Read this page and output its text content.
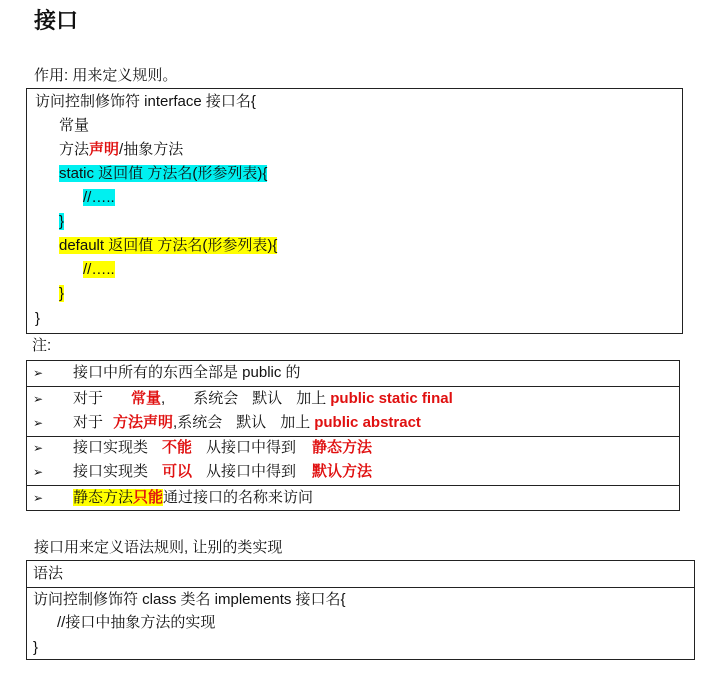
接口
作用: 用来定义规则。
访问控制修饰符 interface 接口名{
常量
方法声明/抽象方法
static 返回值 方法名(形参列表){
//…..
}
default 返回值 方法名(形参列表){
//…..
}
}
注:
➢ 接口中所有的东西全部是 public 的
➢ 对于 常量, 系统会 默认 加上 public static final
➢ 对于 方法声明,系统会 默认 加上 public abstract
➢ 接口实现类 不能 从接口中得到 静态方法
➢ 接口实现类 可以 从接口中得到 默认方法
➢ 静态方法只能通过接口的名称来访问
接口用来定义语法规则, 让别的类实现
语法
访问控制修饰符 class 类名 implements 接口名{
//接口中抽象方法的实现
}
